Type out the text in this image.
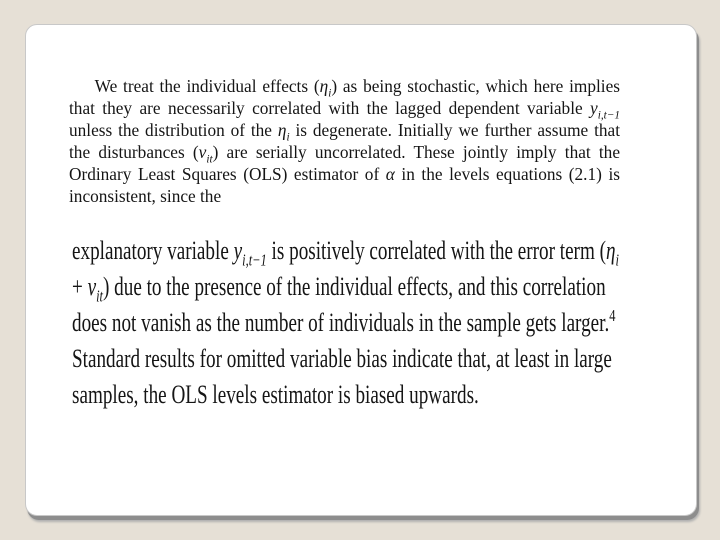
We treat the individual effects $(\eta_i)$ as being stochastic, which here implies that they are necessarily correlated with the lagged dependent variable $y_{i,t-1}$ unless the distribution of the $\eta_i$ is degenerate. Initially we further assume that the disturbances $(v_{it})$ are serially uncorrelated. These jointly imply that the Ordinary Least Squares (OLS) estimator of α in the levels equations (2.1) is inconsistent, since the

explanatory variable $y_{i,t-1}$ is positively correlated with the error term $(\eta_i + v_{it})$ due to the presence of the individual effects, and this correlation does not vanish as the number of individuals in the sample gets larger.$^4$ Standard results for omitted variable bias indicate that, at least in large samples, the OLS levels estimator is biased upwards.
